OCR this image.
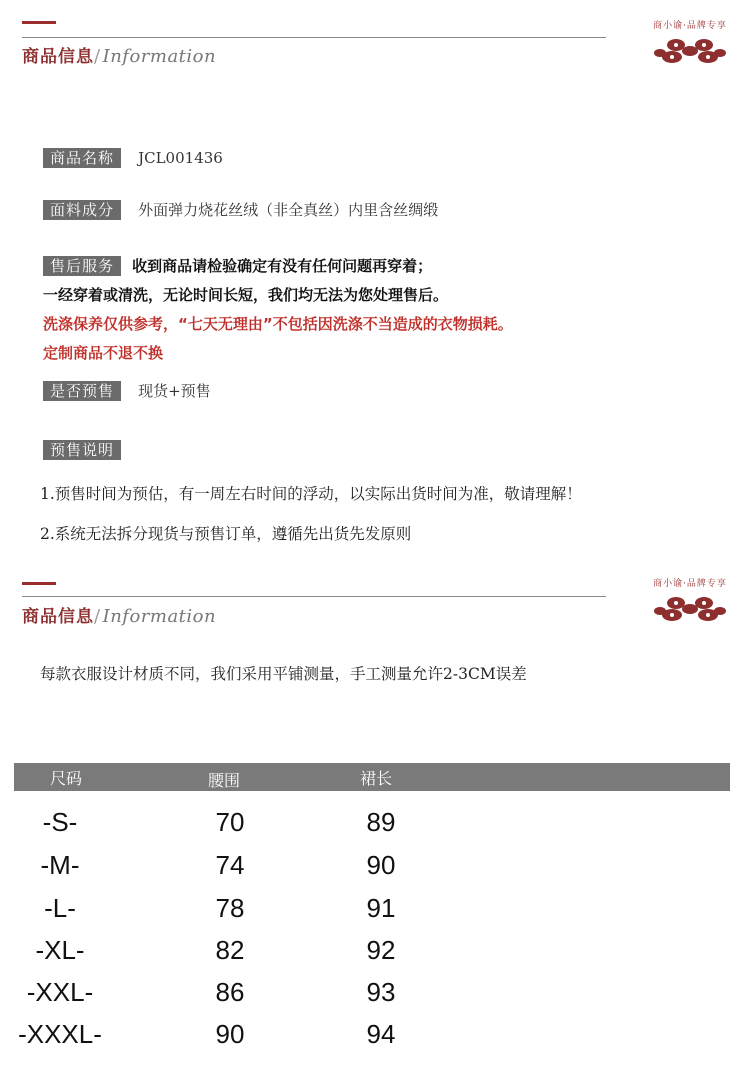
商品信息/ Information
商小谕·品牌专享
商品名称 JCL001436
面料成分 外面弹力烧花丝绒（非全真丝）内里含丝绸缎
售后服务 收到商品请检验确定有没有任何问题再穿着；
一经穿着或清洗，无论时间长短，我们均无法为您处理售后。
洗涤保养仅供参考，“七天无理由”不包括因洗涤不当造成的衣物损耗。
定制商品不退不换
是否预售 现货+预售
预售说明
1.预售时间为预估，有一周左右时间的浮动，以实际出货时间为准，敬请理解！
2.系统无法拆分现货与预售订单，遵循先出货先发原则
商品信息/ Information
商小谕·品牌专享
每款衣服设计材质不同，我们采用平铺测量，手工测量允许2-3CM误差
尺码	腰围	裙长
-S-	70	89
-M-	74	90
-L-	78	91
-XL-	82	92
-XXL-	86	93
-XXXL-	90	94
